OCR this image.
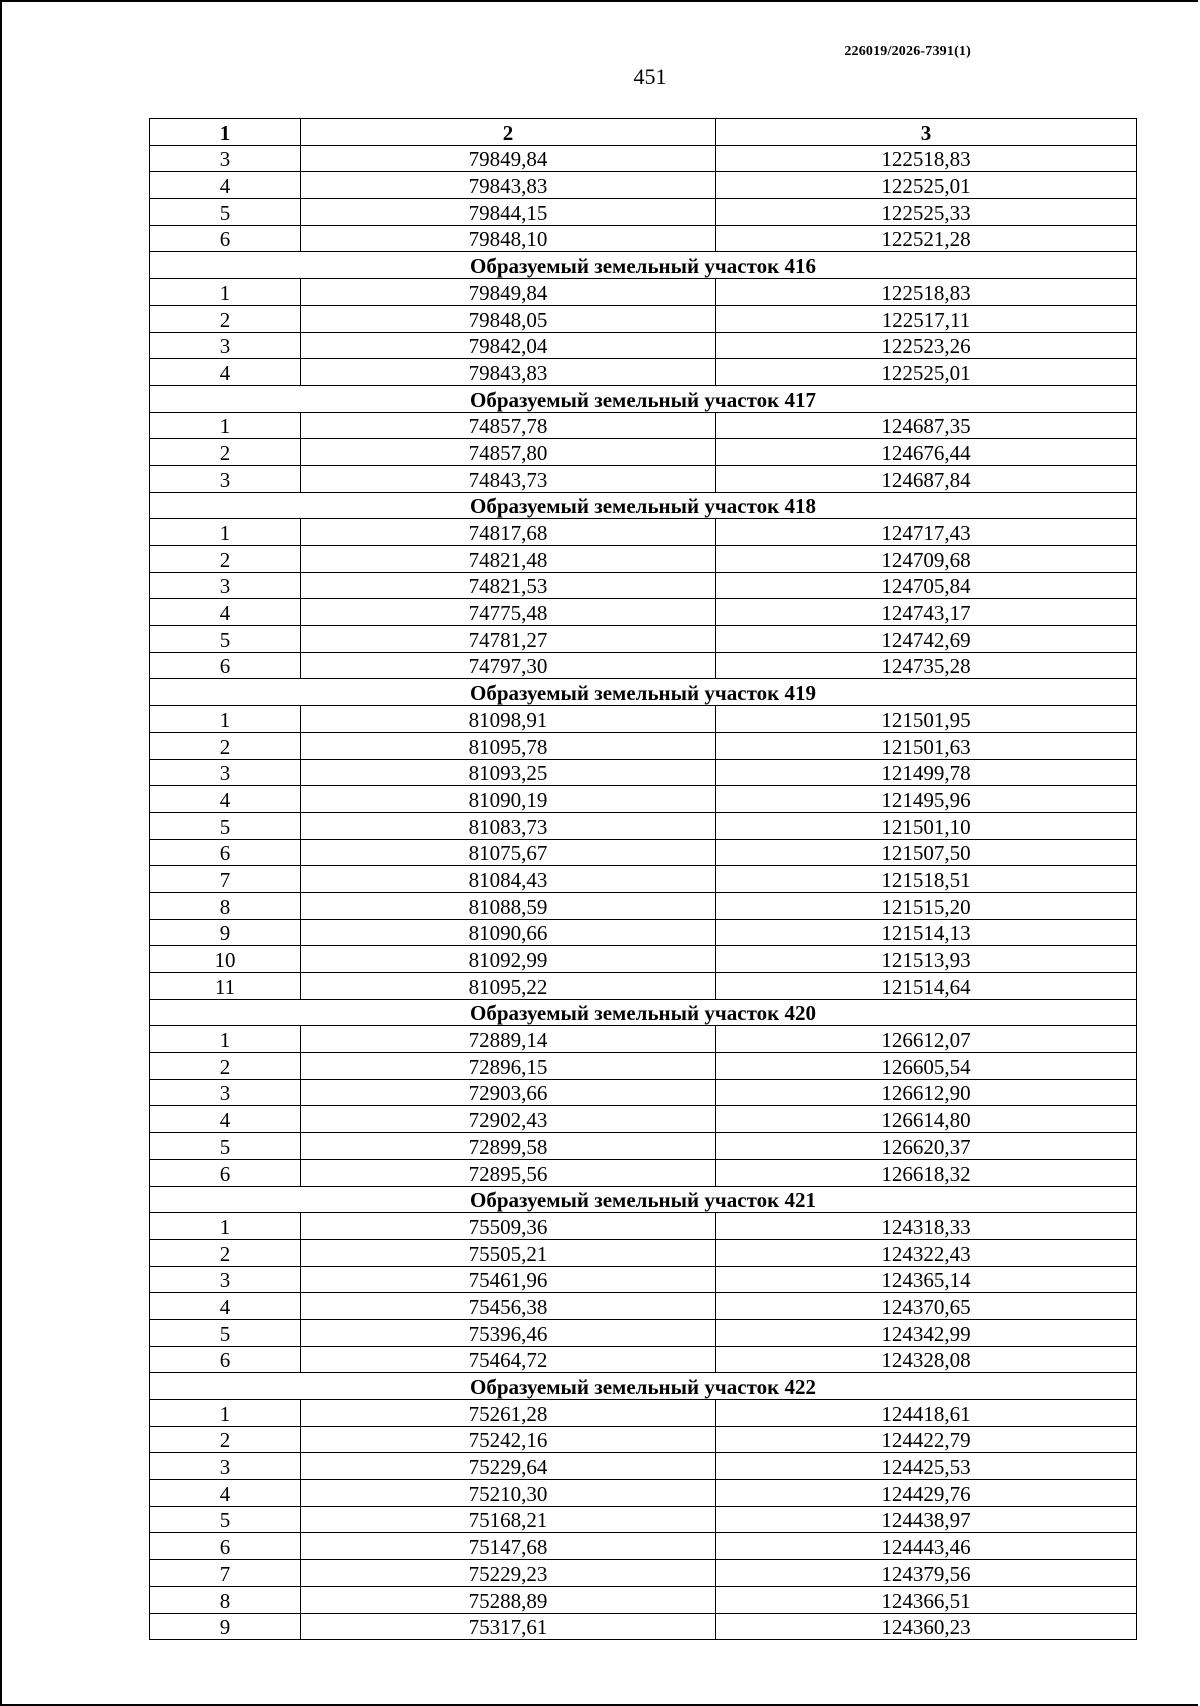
226019/2026-7391(1)
451
1	2	3
3	79849,84	122518,83
4	79843,83	122525,01
5	79844,15	122525,33
6	79848,10	122521,28
Образуемый земельный участок 416		
1	79849,84	122518,83
2	79848,05	122517,11
3	79842,04	122523,26
4	79843,83	122525,01
Образуемый земельный участок 417		
1	74857,78	124687,35
2	74857,80	124676,44
3	74843,73	124687,84
Образуемый земельный участок 418		
1	74817,68	124717,43
2	74821,48	124709,68
3	74821,53	124705,84
4	74775,48	124743,17
5	74781,27	124742,69
6	74797,30	124735,28
Образуемый земельный участок 419		
1	81098,91	121501,95
2	81095,78	121501,63
3	81093,25	121499,78
4	81090,19	121495,96
5	81083,73	121501,10
6	81075,67	121507,50
7	81084,43	121518,51
8	81088,59	121515,20
9	81090,66	121514,13
10	81092,99	121513,93
11	81095,22	121514,64
Образуемый земельный участок 420		
1	72889,14	126612,07
2	72896,15	126605,54
3	72903,66	126612,90
4	72902,43	126614,80
5	72899,58	126620,37
6	72895,56	126618,32
Образуемый земельный участок 421		
1	75509,36	124318,33
2	75505,21	124322,43
3	75461,96	124365,14
4	75456,38	124370,65
5	75396,46	124342,99
6	75464,72	124328,08
Образуемый земельный участок 422		
1	75261,28	124418,61
2	75242,16	124422,79
3	75229,64	124425,53
4	75210,30	124429,76
5	75168,21	124438,97
6	75147,68	124443,46
7	75229,23	124379,56
8	75288,89	124366,51
9	75317,61	124360,23
